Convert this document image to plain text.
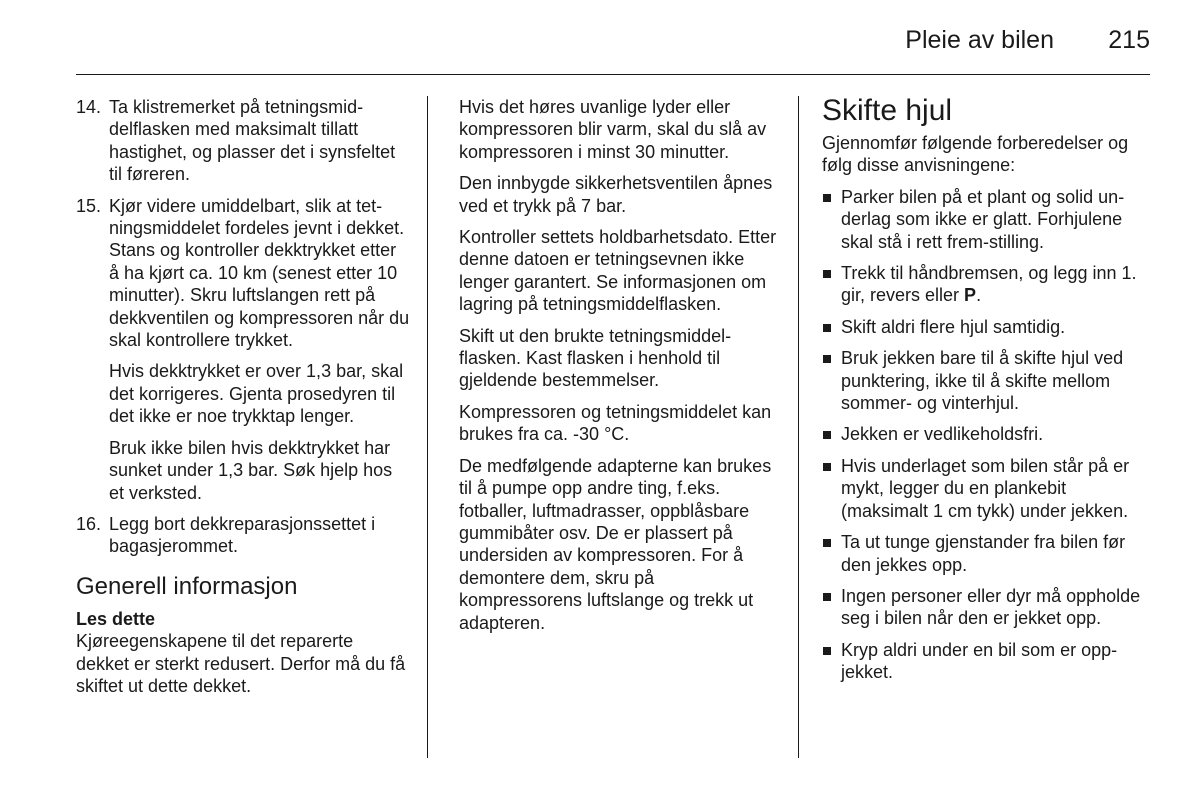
Pleie av bilen 215
14. Ta klistremerket på tetningsmiddelflasken med maksimalt tillatt hastighet, og plasser det i synsfeltet til føreren.
15. Kjør videre umiddelbart, slik at tetningsmiddelet fordeles jevnt i dekket. Stans og kontroller dekktrykket etter å ha kjørt ca. 10 km (senest etter 10 minutter). Skru luftslangen rett på dekkventilen og kompressoren når du skal kontrollere trykket.

Hvis dekktrykket er over 1,3 bar, skal det korrigeres. Gjenta prosedyren til det ikke er noe trykktap lenger.

Bruk ikke bilen hvis dekktrykket har sunket under 1,3 bar. Søk hjelp hos et verksted.

16. Legg bort dekkreparasjonssettet i bagasjerommet.
Generell informasjon
Les dette

Kjøreegenskapene til det reparerte dekket er sterkt redusert. Derfor må du få skiftet ut dette dekket.

Hvis det høres uvanlige lyder eller kompressoren blir varm, skal du slå av kompressoren i minst 30 minutter.

Den innbygde sikkerhetsventilen åpnes ved et trykk på 7 bar.

Kontroller settets holdbarhetsdato. Etter denne datoen er tetningsevnen ikke lenger garantert. Se informasjonen om lagring på tetningsmiddelflasken.

Skift ut den brukte tetningsmiddelflasken. Kast flasken i henhold til gjeldende bestemmelser.

Kompressoren og tetningsmiddelet kan brukes fra ca. -30 °C.

De medfølgende adapterne kan brukes til å pumpe opp andre ting, f.eks. fotballer, luftmadrasser, oppblåsbare gummibåter osv. De er plassert på undersiden av kompressoren. For å demontere dem, skru på kompressorens luftslange og trekk ut adapteren.

Skifte hjul

Gjennomfør følgende forberedelser og følg disse anvisningene:

Parker bilen på et plant og solid underlag som ikke er glatt. Forhjulene skal stå i rett frem-stilling.
Trekk til håndbremsen, og legg inn 1. gir, revers eller P.
Skift aldri flere hjul samtidig.
Bruk jekken bare til å skifte hjul ved punktering, ikke til å skifte mellom sommer- og vinterhjul.
Jekken er vedlikeholdsfri.
Hvis underlaget som bilen står på er mykt, legger du en plankebit (maksimalt 1 cm tykk) under jekken.
Ta ut tunge gjenstander fra bilen før den jekkes opp.
Ingen personer eller dyr må oppholde seg i bilen når den er jekket opp.
Kryp aldri under en bil som er oppjekket.
